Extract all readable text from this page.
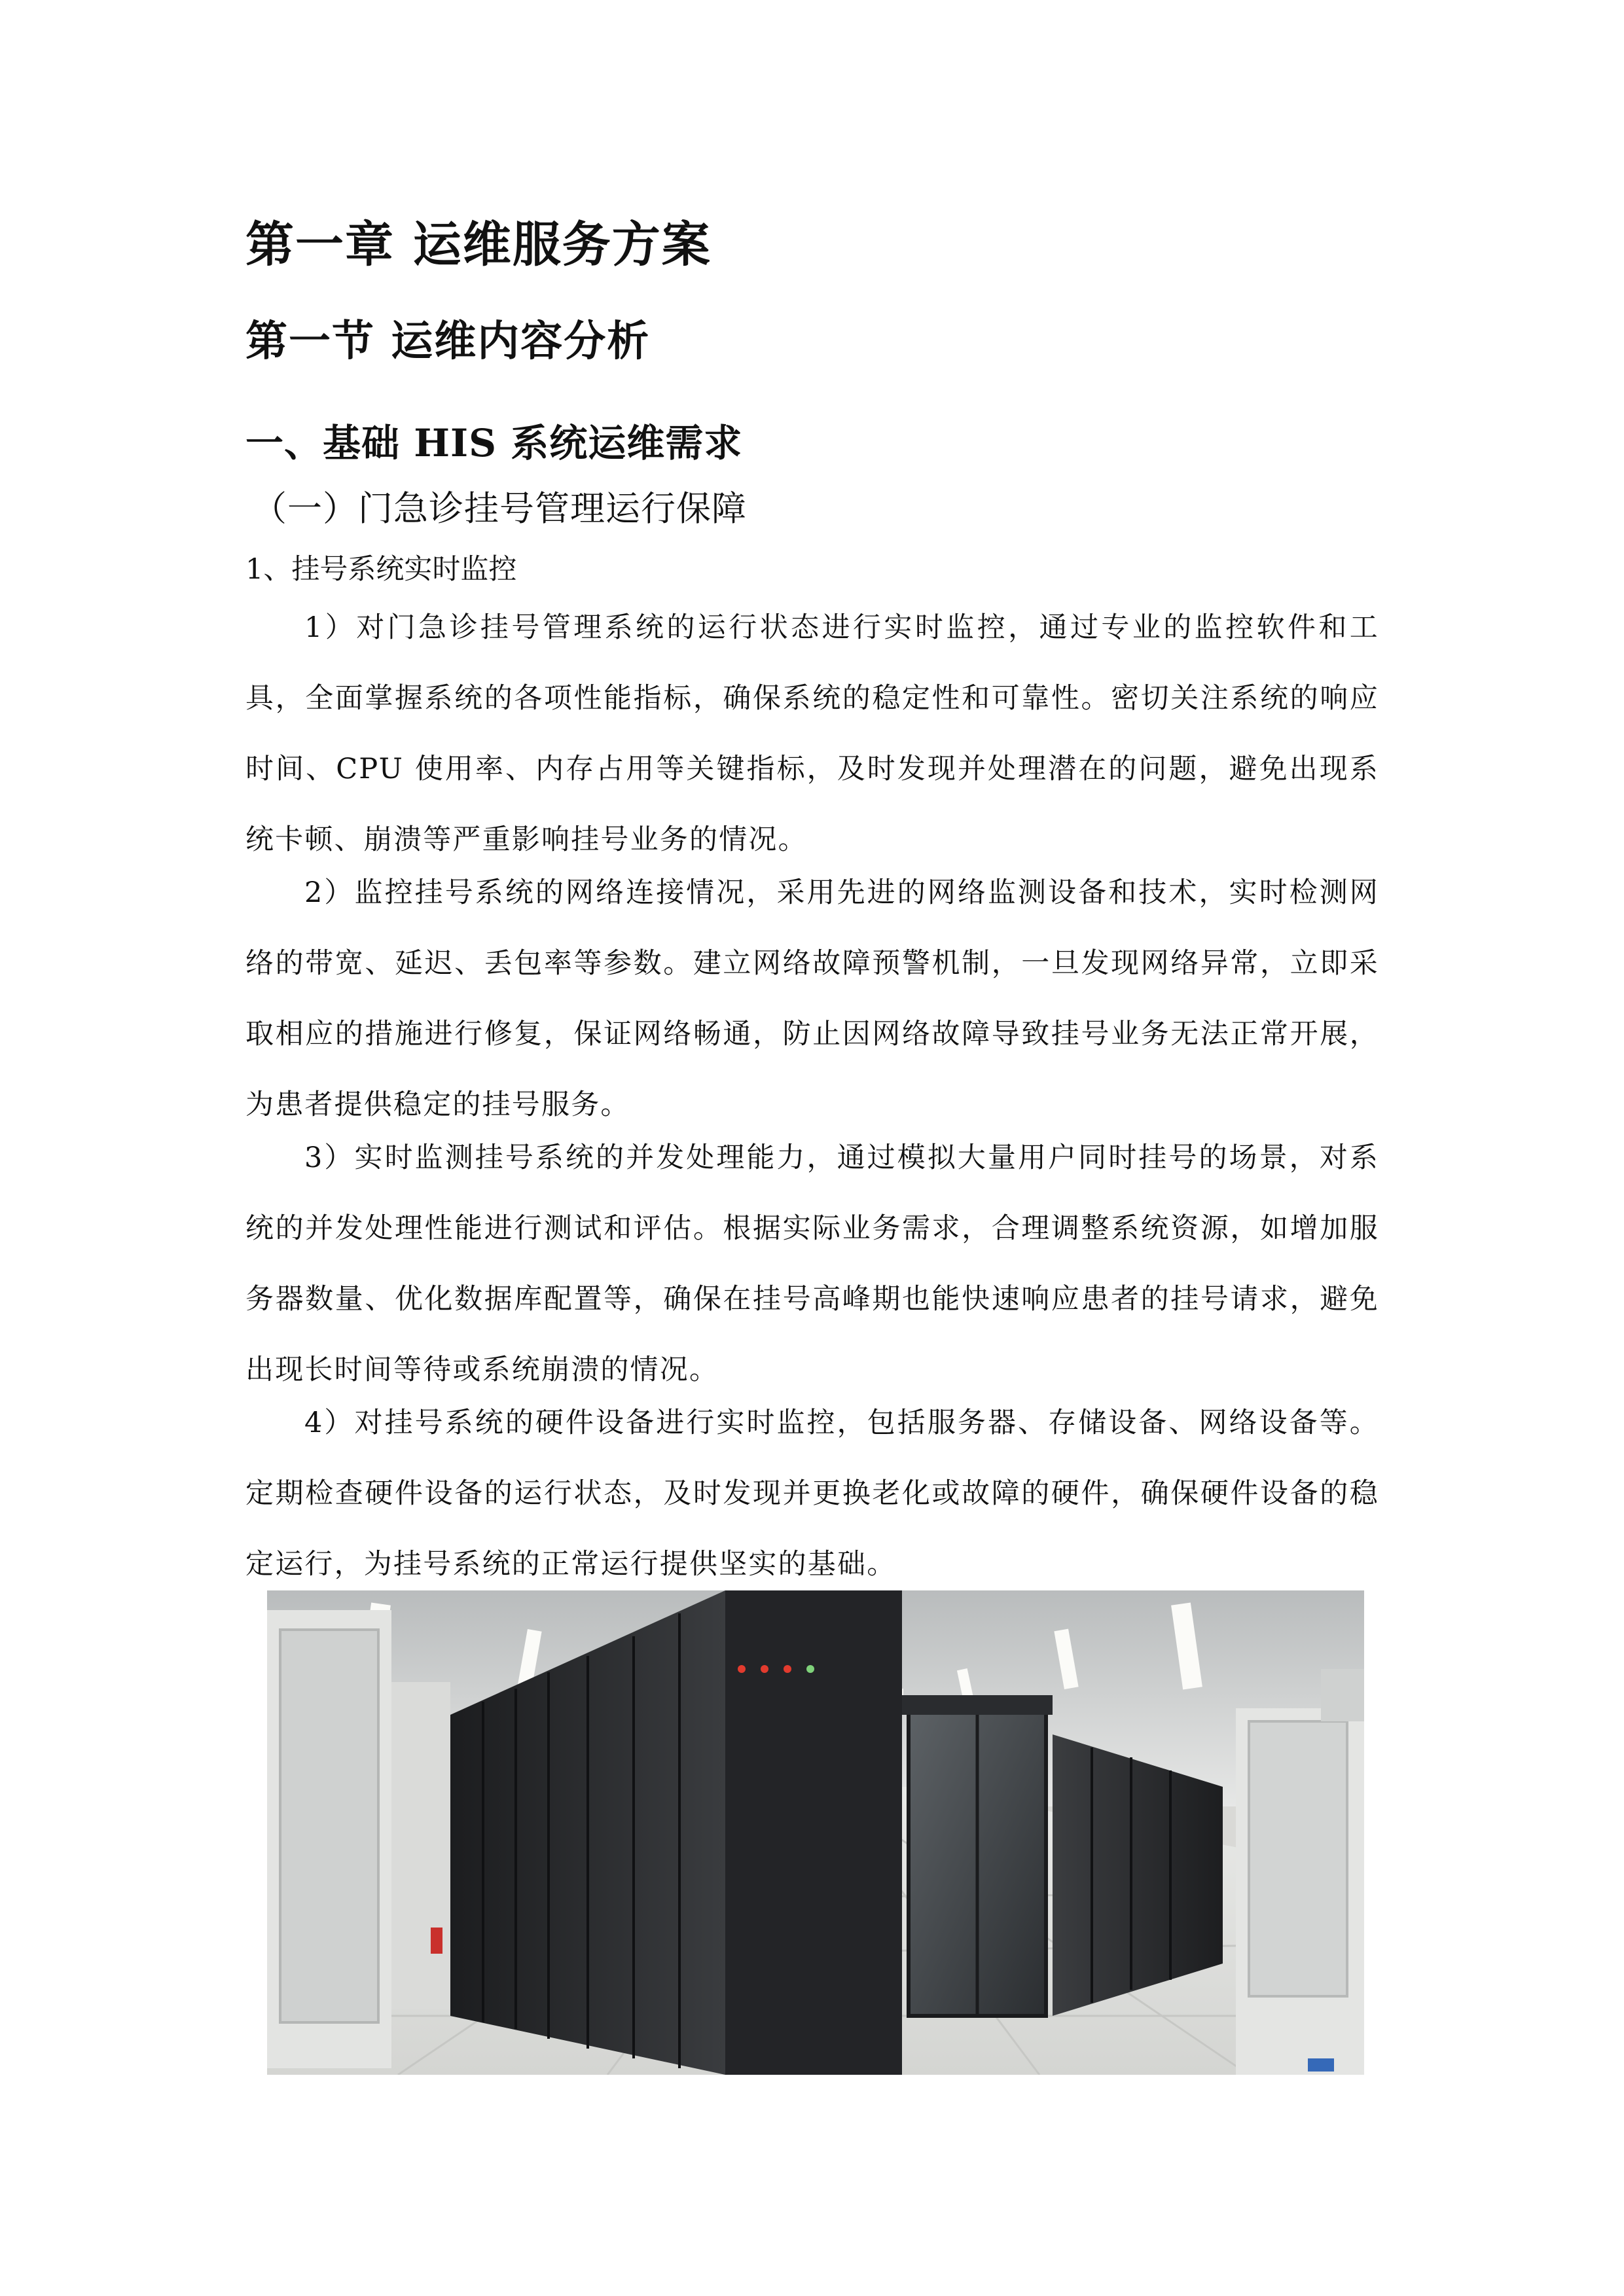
第一章 运维服务方案
第一节 运维内容分析
一、基础 HIS 系统运维需求
（一）门急诊挂号管理运行保障
1、挂号系统实时监控

1）对门急诊挂号管理系统的运行状态进行实时监控，通过专业的监控软件和工具，全面掌握系统的各项性能指标，确保系统的稳定性和可靠性。密切关注系统的响应时间、CPU 使用率、内存占用等关键指标，及时发现并处理潜在的问题，避免出现系统卡顿、崩溃等严重影响挂号业务的情况。

2）监控挂号系统的网络连接情况，采用先进的网络监测设备和技术，实时检测网络的带宽、延迟、丢包率等参数。建立网络故障预警机制，一旦发现网络异常，立即采取相应的措施进行修复，保证网络畅通，防止因网络故障导致挂号业务无法正常开展，为患者提供稳定的挂号服务。

3）实时监测挂号系统的并发处理能力，通过模拟大量用户同时挂号的场景，对系统的并发处理性能进行测试和评估。根据实际业务需求，合理调整系统资源，如增加服务器数量、优化数据库配置等，确保在挂号高峰期也能快速响应患者的挂号请求，避免出现长时间等待或系统崩溃的情况。

4）对挂号系统的硬件设备进行实时监控，包括服务器、存储设备、网络设备等。定期检查硬件设备的运行状态，及时发现并更换老化或故障的硬件，确保硬件设备的稳定运行，为挂号系统的正常运行提供坚实的基础。
